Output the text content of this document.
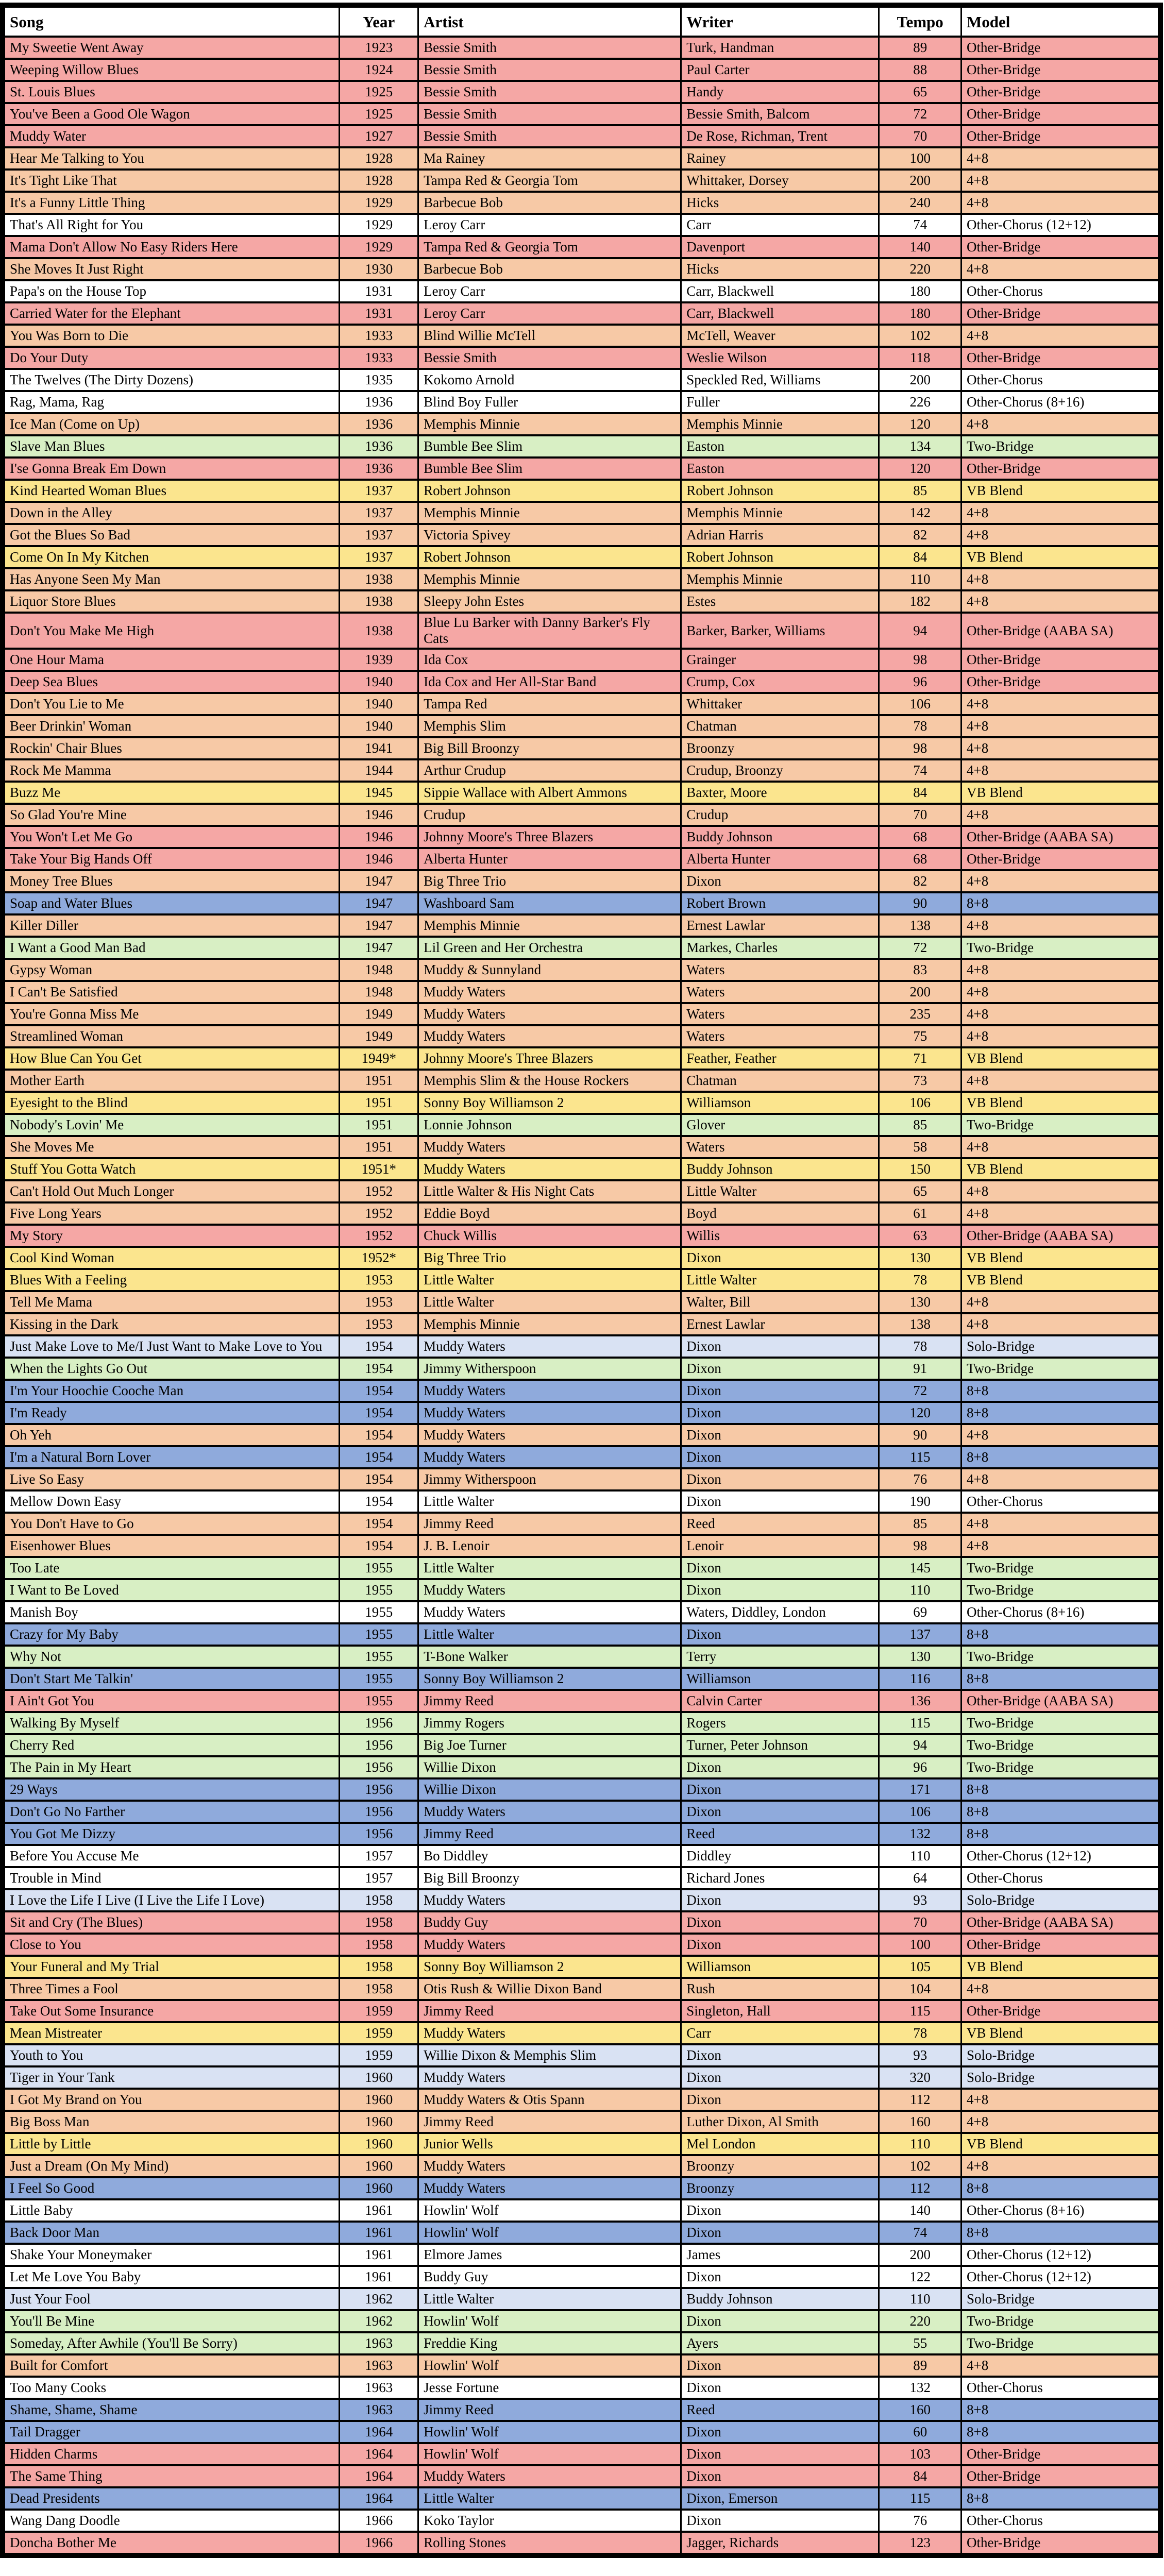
Song	Year	Artist	Writer	Tempo	Model
My Sweetie Went Away	1923	Bessie Smith	Turk, Handman	89	Other-Bridge
Weeping Willow Blues	1924	Bessie Smith	Paul Carter	88	Other-Bridge
St. Louis Blues	1925	Bessie Smith	Handy	65	Other-Bridge
You've Been a Good Ole Wagon	1925	Bessie Smith	Bessie Smith, Balcom	72	Other-Bridge
Muddy Water	1927	Bessie Smith	De Rose, Richman, Trent	70	Other-Bridge
Hear Me Talking to You	1928	Ma Rainey	Rainey	100	4+8
It's Tight Like That	1928	Tampa Red & Georgia Tom	Whittaker, Dorsey	200	4+8
It's a Funny Little Thing	1929	Barbecue Bob	Hicks	240	4+8
That's All Right for You	1929	Leroy Carr	Carr	74	Other-Chorus (12+12)
Mama Don't Allow No Easy Riders Here	1929	Tampa Red & Georgia Tom	Davenport	140	Other-Bridge
She Moves It Just Right	1930	Barbecue Bob	Hicks	220	4+8
Papa's on the House Top	1931	Leroy Carr	Carr, Blackwell	180	Other-Chorus
Carried Water for the Elephant	1931	Leroy Carr	Carr, Blackwell	180	Other-Bridge
You Was Born to Die	1933	Blind Willie McTell	McTell, Weaver	102	4+8
Do Your Duty	1933	Bessie Smith	Weslie Wilson	118	Other-Bridge
The Twelves (The Dirty Dozens)	1935	Kokomo Arnold	Speckled Red, Williams	200	Other-Chorus
Rag, Mama, Rag	1936	Blind Boy Fuller	Fuller	226	Other-Chorus (8+16)
Ice Man (Come on Up)	1936	Memphis Minnie	Memphis Minnie	120	4+8
Slave Man Blues	1936	Bumble Bee Slim	Easton	134	Two-Bridge
I'se Gonna Break Em Down	1936	Bumble Bee Slim	Easton	120	Other-Bridge
Kind Hearted Woman Blues	1937	Robert Johnson	Robert Johnson	85	VB Blend
Down in the Alley	1937	Memphis Minnie	Memphis Minnie	142	4+8
Got the Blues So Bad	1937	Victoria Spivey	Adrian Harris	82	4+8
Come On In My Kitchen	1937	Robert Johnson	Robert Johnson	84	VB Blend
Has Anyone Seen My Man	1938	Memphis Minnie	Memphis Minnie	110	4+8
Liquor Store Blues	1938	Sleepy John Estes	Estes	182	4+8
Don't You Make Me High	1938	Blue Lu Barker with Danny Barker's Fly Cats	Barker, Barker, Williams	94	Other-Bridge (AABA SA)
One Hour Mama	1939	Ida Cox	Grainger	98	Other-Bridge
Deep Sea Blues	1940	Ida Cox and Her All-Star Band	Crump, Cox	96	Other-Bridge
Don't You Lie to Me	1940	Tampa Red	Whittaker	106	4+8
Beer Drinkin' Woman	1940	Memphis Slim	Chatman	78	4+8
Rockin' Chair Blues	1941	Big Bill Broonzy	Broonzy	98	4+8
Rock Me Mamma	1944	Arthur Crudup	Crudup, Broonzy	74	4+8
Buzz Me	1945	Sippie Wallace with Albert Ammons	Baxter, Moore	84	VB Blend
So Glad You're Mine	1946	Crudup	Crudup	70	4+8
You Won't Let Me Go	1946	Johnny Moore's Three Blazers	Buddy Johnson	68	Other-Bridge (AABA SA)
Take Your Big Hands Off	1946	Alberta Hunter	Alberta Hunter	68	Other-Bridge
Money Tree Blues	1947	Big Three Trio	Dixon	82	4+8
Soap and Water Blues	1947	Washboard Sam	Robert Brown	90	8+8
Killer Diller	1947	Memphis Minnie	Ernest Lawlar	138	4+8
I Want a Good Man Bad	1947	Lil Green and Her Orchestra	Markes, Charles	72	Two-Bridge
Gypsy Woman	1948	Muddy & Sunnyland	Waters	83	4+8
I Can't Be Satisfied	1948	Muddy Waters	Waters	200	4+8
You're Gonna Miss Me	1949	Muddy Waters	Waters	235	4+8
Streamlined Woman	1949	Muddy Waters	Waters	75	4+8
How Blue Can You Get	1949*	Johnny Moore's Three Blazers	Feather, Feather	71	VB Blend
Mother Earth	1951	Memphis Slim & the House Rockers	Chatman	73	4+8
Eyesight to the Blind	1951	Sonny Boy Williamson 2	Williamson	106	VB Blend
Nobody's Lovin' Me	1951	Lonnie Johnson	Glover	85	Two-Bridge
She Moves Me	1951	Muddy Waters	Waters	58	4+8
Stuff You Gotta Watch	1951*	Muddy Waters	Buddy Johnson	150	VB Blend
Can't Hold Out Much Longer	1952	Little Walter & His Night Cats	Little Walter	65	4+8
Five Long Years	1952	Eddie Boyd	Boyd	61	4+8
My Story	1952	Chuck Willis	Willis	63	Other-Bridge (AABA SA)
Cool Kind Woman	1952*	Big Three Trio	Dixon	130	VB Blend
Blues With a Feeling	1953	Little Walter	Little Walter	78	VB Blend
Tell Me Mama	1953	Little Walter	Walter, Bill	130	4+8
Kissing in the Dark	1953	Memphis Minnie	Ernest Lawlar	138	4+8
Just Make Love to Me/I Just Want to Make Love to You	1954	Muddy Waters	Dixon	78	Solo-Bridge
When the Lights Go Out	1954	Jimmy Witherspoon	Dixon	91	Two-Bridge
I'm Your Hoochie Cooche Man	1954	Muddy Waters	Dixon	72	8+8
I'm Ready	1954	Muddy Waters	Dixon	120	8+8
Oh Yeh	1954	Muddy Waters	Dixon	90	4+8
I'm a Natural Born Lover	1954	Muddy Waters	Dixon	115	8+8
Live So Easy	1954	Jimmy Witherspoon	Dixon	76	4+8
Mellow Down Easy	1954	Little Walter	Dixon	190	Other-Chorus
You Don't Have to Go	1954	Jimmy Reed	Reed	85	4+8
Eisenhower Blues	1954	J. B. Lenoir	Lenoir	98	4+8
Too Late	1955	Little Walter	Dixon	145	Two-Bridge
I Want to Be Loved	1955	Muddy Waters	Dixon	110	Two-Bridge
Manish Boy	1955	Muddy Waters	Waters, Diddley, London	69	Other-Chorus (8+16)
Crazy for My Baby	1955	Little Walter	Dixon	137	8+8
Why Not	1955	T-Bone Walker	Terry	130	Two-Bridge
Don't Start Me Talkin'	1955	Sonny Boy Williamson 2	Williamson	116	8+8
I Ain't Got You	1955	Jimmy Reed	Calvin Carter	136	Other-Bridge (AABA SA)
Walking By Myself	1956	Jimmy Rogers	Rogers	115	Two-Bridge
Cherry Red	1956	Big Joe Turner	Turner, Peter Johnson	94	Two-Bridge
The Pain in My Heart	1956	Willie Dixon	Dixon	96	Two-Bridge
29 Ways	1956	Willie Dixon	Dixon	171	8+8
Don't Go No Farther	1956	Muddy Waters	Dixon	106	8+8
You Got Me Dizzy	1956	Jimmy Reed	Reed	132	8+8
Before You Accuse Me	1957	Bo Diddley	Diddley	110	Other-Chorus (12+12)
Trouble in Mind	1957	Big Bill Broonzy	Richard Jones	64	Other-Chorus
I Love the Life I Live (I Live the Life I Love)	1958	Muddy Waters	Dixon	93	Solo-Bridge
Sit and Cry (The Blues)	1958	Buddy Guy	Dixon	70	Other-Bridge (AABA SA)
Close to You	1958	Muddy Waters	Dixon	100	Other-Bridge
Your Funeral and My Trial	1958	Sonny Boy Williamson 2	Williamson	105	VB Blend
Three Times a Fool	1958	Otis Rush & Willie Dixon Band	Rush	104	4+8
Take Out Some Insurance	1959	Jimmy Reed	Singleton, Hall	115	Other-Bridge
Mean Mistreater	1959	Muddy Waters	Carr	78	VB Blend
Youth to You	1959	Willie Dixon & Memphis Slim	Dixon	93	Solo-Bridge
Tiger in Your Tank	1960	Muddy Waters	Dixon	320	Solo-Bridge
I Got My Brand on You	1960	Muddy Waters & Otis Spann	Dixon	112	4+8
Big Boss Man	1960	Jimmy Reed	Luther Dixon, Al Smith	160	4+8
Little by Little	1960	Junior Wells	Mel London	110	VB Blend
Just a Dream (On My Mind)	1960	Muddy Waters	Broonzy	102	4+8
I Feel So Good	1960	Muddy Waters	Broonzy	112	8+8
Little Baby	1961	Howlin' Wolf	Dixon	140	Other-Chorus (8+16)
Back Door Man	1961	Howlin' Wolf	Dixon	74	8+8
Shake Your Moneymaker	1961	Elmore James	James	200	Other-Chorus (12+12)
Let Me Love You Baby	1961	Buddy Guy	Dixon	122	Other-Chorus (12+12)
Just Your Fool	1962	Little Walter	Buddy Johnson	110	Solo-Bridge
You'll Be Mine	1962	Howlin' Wolf	Dixon	220	Two-Bridge
Someday, After Awhile (You'll Be Sorry)	1963	Freddie King	Ayers	55	Two-Bridge
Built for Comfort	1963	Howlin' Wolf	Dixon	89	4+8
Too Many Cooks	1963	Jesse Fortune	Dixon	132	Other-Chorus
Shame, Shame, Shame	1963	Jimmy Reed	Reed	160	8+8
Tail Dragger	1964	Howlin' Wolf	Dixon	60	8+8
Hidden Charms	1964	Howlin' Wolf	Dixon	103	Other-Bridge
The Same Thing	1964	Muddy Waters	Dixon	84	Other-Bridge
Dead Presidents	1964	Little Walter	Dixon, Emerson	115	8+8
Wang Dang Doodle	1966	Koko Taylor	Dixon	76	Other-Chorus
Doncha Bother Me	1966	Rolling Stones	Jagger, Richards	123	Other-Bridge
